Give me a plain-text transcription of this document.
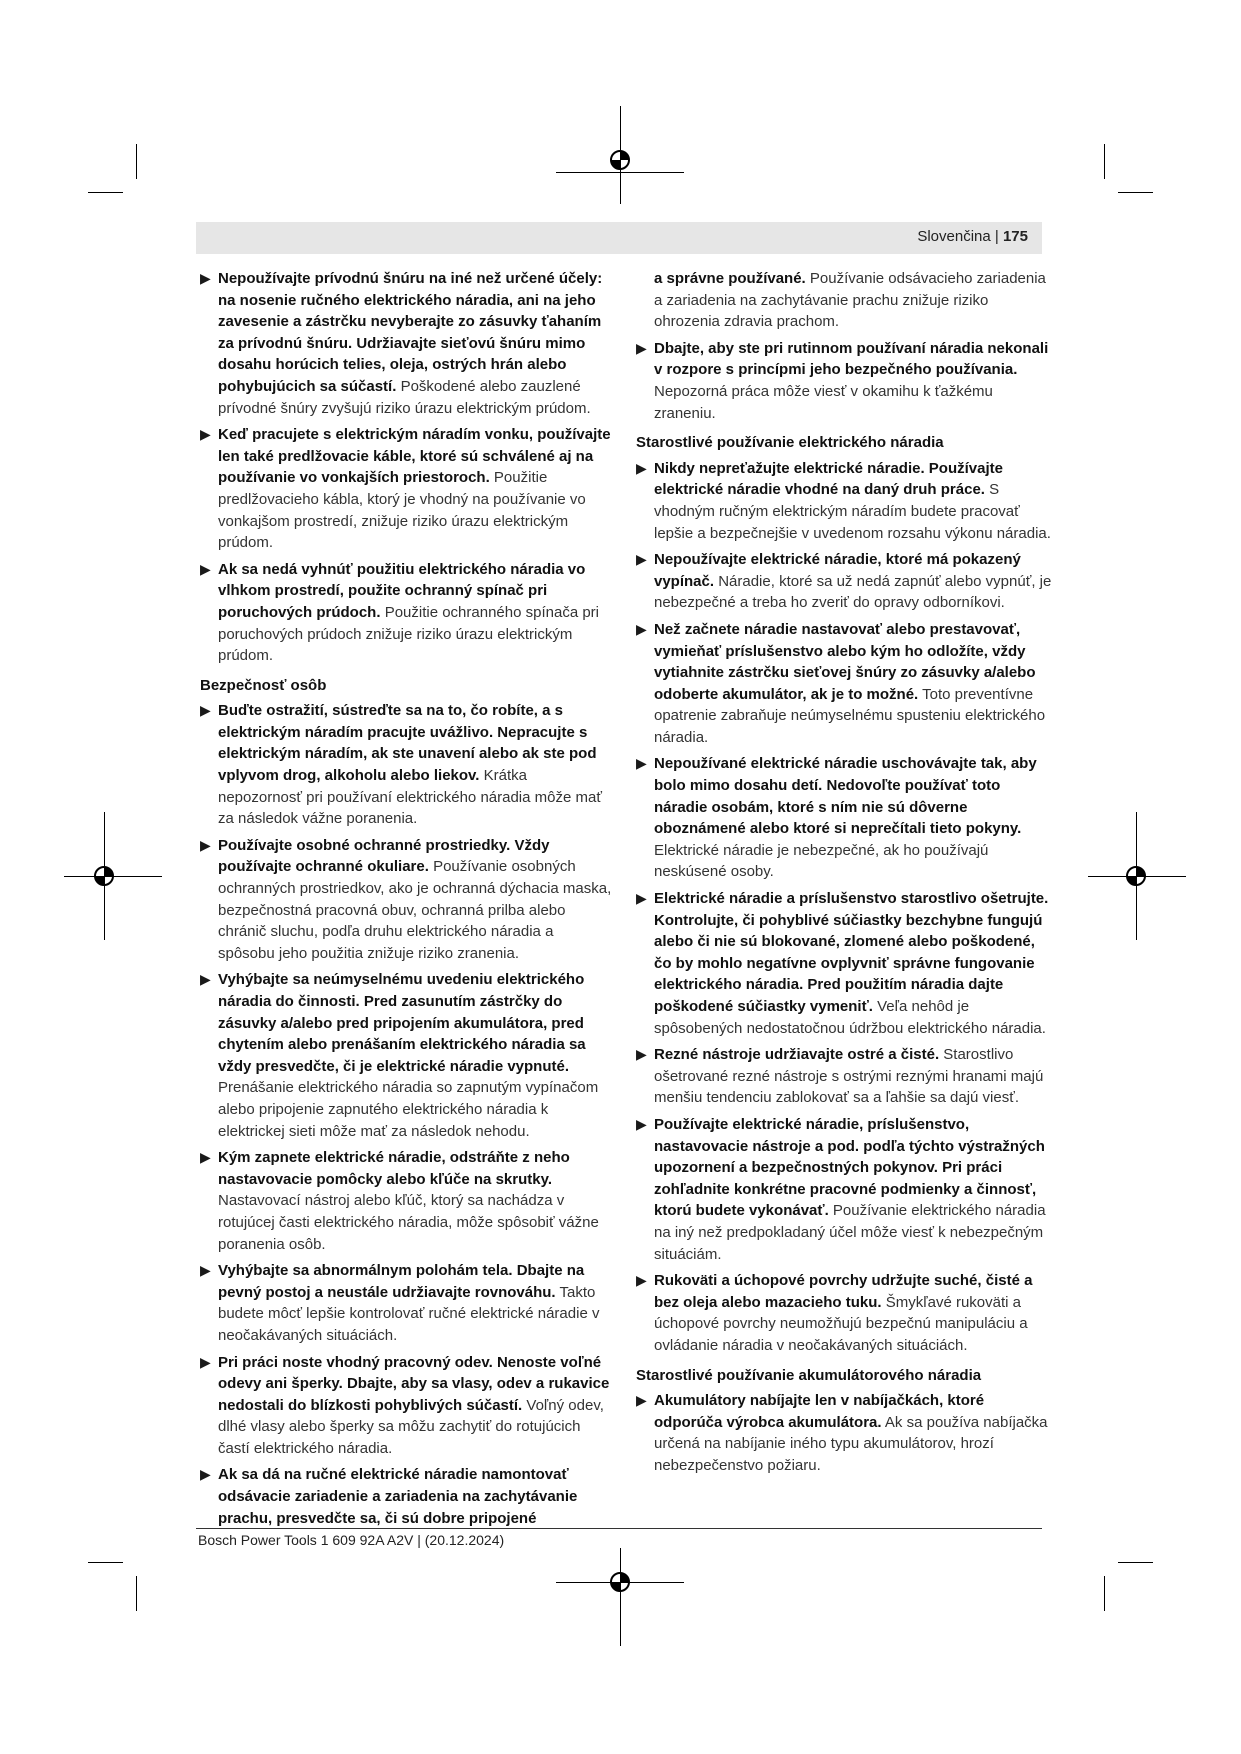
Slovenčina | 175
▶ Nepoužívajte prívodnú šnúru na iné než určené účely: na nosenie ručného elektrického náradia, ani na jeho zavesenie a zástrčku nevyberajte zo zásuvky ťahaním za prívodnú šnúru. Udržiavajte sieťovú šnúru mimo dosahu horúcich telies, oleja, ostrých hrán alebo pohybujúcich sa súčastí. Poškodené alebo zauzlené prívodné šnúry zvyšujú riziko úrazu elektrickým prúdom.
▶ Keď pracujete s elektrickým náradím vonku, používajte len také predlžovacie káble, ktoré sú schválené aj na používanie vo vonkajších priestoroch. Použitie predlžovacieho kábla, ktorý je vhodný na používanie vo vonkajšom prostredí, znižuje riziko úrazu elektrickým prúdom.
▶ Ak sa nedá vyhnúť použitiu elektrického náradia vo vlhkom prostredí, použite ochranný spínač pri poruchových prúdoch. Použitie ochranného spínača pri poruchových prúdoch znižuje riziko úrazu elektrickým prúdom.
Bezpečnosť osôb
▶ Buďte ostražití, sústreďte sa na to, čo robíte, a s elektrickým náradím pracujte uvážlivo. Nepracujte s elektrickým náradím, ak ste unavení alebo ak ste pod vplyvom drog, alkoholu alebo liekov. Krátka nepozornosť pri používaní elektrického náradia môže mať za následok vážne poranenia.
▶ Používajte osobné ochranné prostriedky. Vždy používajte ochranné okuliare. Používanie osobných ochranných prostriedkov, ako je ochranná dýchacia maska, bezpečnostná pracovná obuv, ochranná prilba alebo chránič sluchu, podľa druhu elektrického náradia a spôsobu jeho použitia znižuje riziko zranenia.
▶ Vyhýbajte sa neúmyselnému uvedeniu elektrického náradia do činnosti. Pred zasunutím zástrčky do zásuvky a/alebo pred pripojením akumulátora, pred chytením alebo prenášaním elektrického náradia sa vždy presvedčte, či je elektrické náradie vypnuté. Prenášanie elektrického náradia so zapnutým vypínačom alebo pripojenie zapnutého elektrického náradia k elektrickej sieti môže mať za následok nehodu.
▶ Kým zapnete elektrické náradie, odstráňte z neho nastavovacie pomôcky alebo kľúče na skrutky. Nastavovací nástroj alebo kľúč, ktorý sa nachádza v rotujúcej časti elektrického náradia, môže spôsobiť vážne poranenia osôb.
▶ Vyhýbajte sa abnormálnym polohám tela. Dbajte na pevný postoj a neustále udržiavajte rovnováhu. Takto budete môcť lepšie kontrolovať ručné elektrické náradie v neočakávaných situáciách.
▶ Pri práci noste vhodný pracovný odev. Nenoste voľné odevy ani šperky. Dbajte, aby sa vlasy, odev a rukavice nedostali do blízkosti pohyblivých súčastí. Voľný odev, dlhé vlasy alebo šperky sa môžu zachytiť do rotujúcich častí elektrického náradia.
▶ Ak sa dá na ručné elektrické náradie namontovať odsávacie zariadenie a zariadenia na zachytávanie prachu, presvedčte sa, či sú dobre pripojené
a správne používané. Používanie odsávacieho zariadenia a zariadenia na zachytávanie prachu znižuje riziko ohrozenia zdravia prachom.
▶ Dbajte, aby ste pri rutinnom používaní náradia nekonali v rozpore s princípmi jeho bezpečného používania. Nepozorná práca môže viesť v okamihu k ťažkému zraneniu.
Starostlivé používanie elektrického náradia
▶ Nikdy nepreťažujte elektrické náradie. Používajte elektrické náradie vhodné na daný druh práce. S vhodným ručným elektrickým náradím budete pracovať lepšie a bezpečnejšie v uvedenom rozsahu výkonu náradia.
▶ Nepoužívajte elektrické náradie, ktoré má pokazený vypínač. Náradie, ktoré sa už nedá zapnúť alebo vypnúť, je nebezpečné a treba ho zveriť do opravy odborníkovi.
▶ Než začnete náradie nastavovať alebo prestavovať, vymieňať príslušenstvo alebo kým ho odložíte, vždy vytiahnite zástrčku sieťovej šnúry zo zásuvky a/alebo odoberte akumulátor, ak je to možné. Toto preventívne opatrenie zabraňuje neúmyselnému spusteniu elektrického náradia.
▶ Nepoužívané elektrické náradie uschovávajte tak, aby bolo mimo dosahu detí. Nedovoľte používať toto náradie osobám, ktoré s ním nie sú dôverne oboznámené alebo ktoré si neprečítali tieto pokyny. Elektrické náradie je nebezpečné, ak ho používajú neskúsené osoby.
▶ Elektrické náradie a príslušenstvo starostlivo ošetrujte. Kontrolujte, či pohyblivé súčiastky bezchybne fungujú alebo či nie sú blokované, zlomené alebo poškodené, čo by mohlo negatívne ovplyvniť správne fungovanie elektrického náradia. Pred použitím náradia dajte poškodené súčiastky vymeniť. Veľa nehôd je spôsobených nedostatočnou údržbou elektrického náradia.
▶ Rezné nástroje udržiavajte ostré a čisté. Starostlivo ošetrované rezné nástroje s ostrými reznými hranami majú menšiu tendenciu zablokovať sa a ľahšie sa dajú viesť.
▶ Používajte elektrické náradie, príslušenstvo, nastavovacie nástroje a pod. podľa týchto výstražných upozornení a bezpečnostných pokynov. Pri práci zohľadnite konkrétne pracovné podmienky a činnosť, ktorú budete vykonávať. Používanie elektrického náradia na iný než predpokladaný účel môže viesť k nebezpečným situáciám.
▶ Rukoväti a úchopové povrchy udržujte suché, čisté a bez oleja alebo mazacieho tuku. Šmykľavé rukoväti a úchopové povrchy neumožňujú bezpečnú manipuláciu a ovládanie náradia v neočakávaných situáciách.
Starostlivé používanie akumulátorového náradia
▶ Akumulátory nabíjajte len v nabíjačkách, ktoré odporúča výrobca akumulátora. Ak sa používa nabíjačka určená na nabíjanie iného typu akumulátorov, hrozí nebezpečenstvo požiaru.
Bosch Power Tools 1 609 92A A2V | (20.12.2024)
